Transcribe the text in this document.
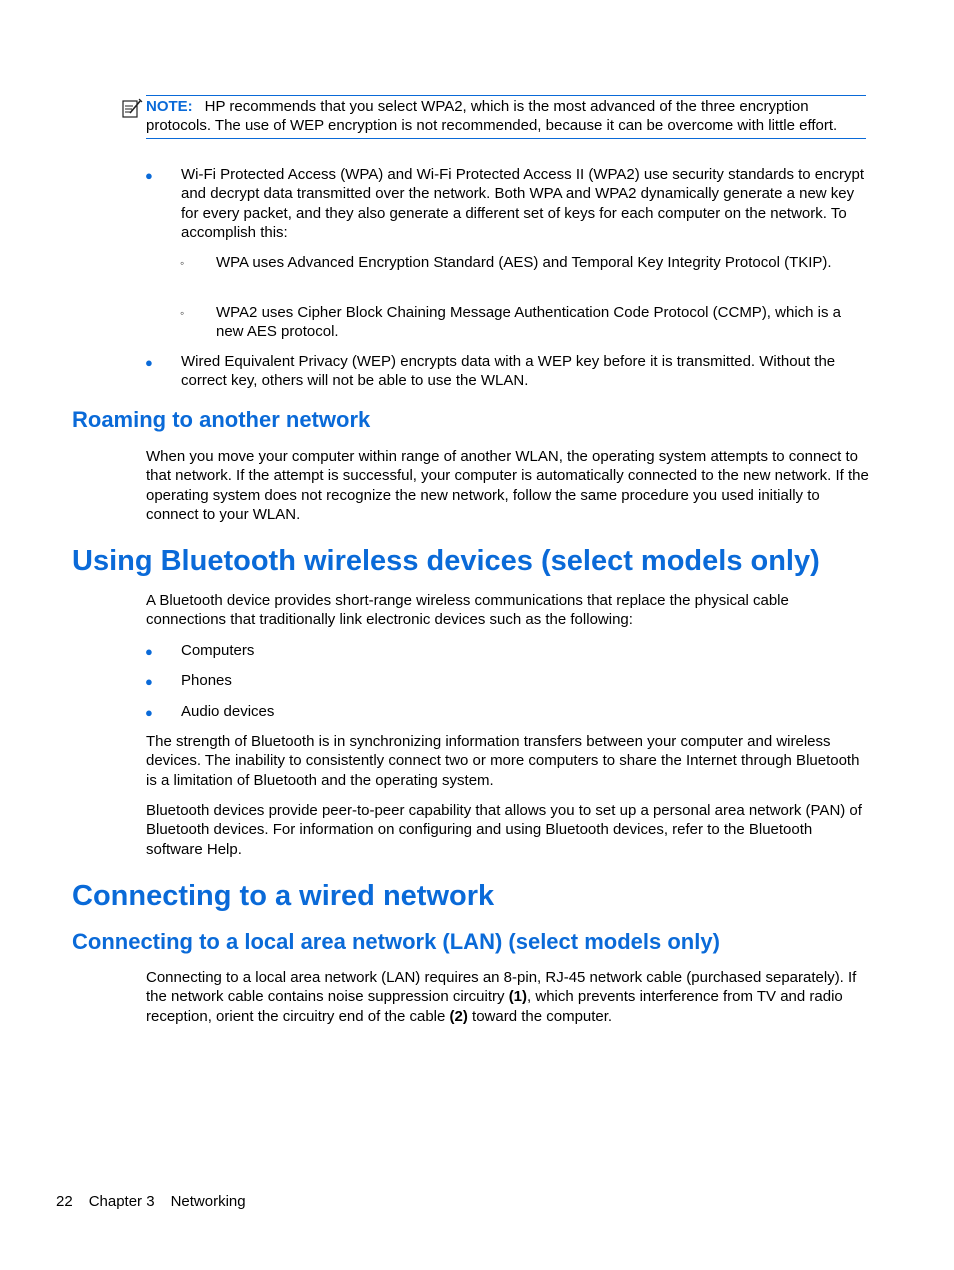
NOTE: HP recommends that you select WPA2, which is the most advanced of the three encryption protocols. The use of WEP encryption is not recommended, because it can be overcome with little effort.
● Wi-Fi Protected Access (WPA) and Wi-Fi Protected Access II (WPA2) use security standards to encrypt and decrypt data transmitted over the network. Both WPA and WPA2 dynamically generate a new key for every packet, and they also generate a different set of keys for each computer on the network. To accomplish this:
◦ WPA uses Advanced Encryption Standard (AES) and Temporal Key Integrity Protocol (TKIP).
◦ WPA2 uses Cipher Block Chaining Message Authentication Code Protocol (CCMP), which is a new AES protocol.
● Wired Equivalent Privacy (WEP) encrypts data with a WEP key before it is transmitted. Without the correct key, others will not be able to use the WLAN.
Roaming to another network
When you move your computer within range of another WLAN, the operating system attempts to connect to that network. If the attempt is successful, your computer is automatically connected to the new network. If the operating system does not recognize the new network, follow the same procedure you used initially to connect to your WLAN.
Using Bluetooth wireless devices (select models only)
A Bluetooth device provides short-range wireless communications that replace the physical cable connections that traditionally link electronic devices such as the following:
● Computers
● Phones
● Audio devices
The strength of Bluetooth is in synchronizing information transfers between your computer and wireless devices. The inability to consistently connect two or more computers to share the Internet through Bluetooth is a limitation of Bluetooth and the operating system.
Bluetooth devices provide peer-to-peer capability that allows you to set up a personal area network (PAN) of Bluetooth devices. For information on configuring and using Bluetooth devices, refer to the Bluetooth software Help.
Connecting to a wired network
Connecting to a local area network (LAN) (select models only)
Connecting to a local area network (LAN) requires an 8-pin, RJ-45 network cable (purchased separately). If the network cable contains noise suppression circuitry (1), which prevents interference from TV and radio reception, orient the circuitry end of the cable (2) toward the computer.
22 Chapter 3 Networking
